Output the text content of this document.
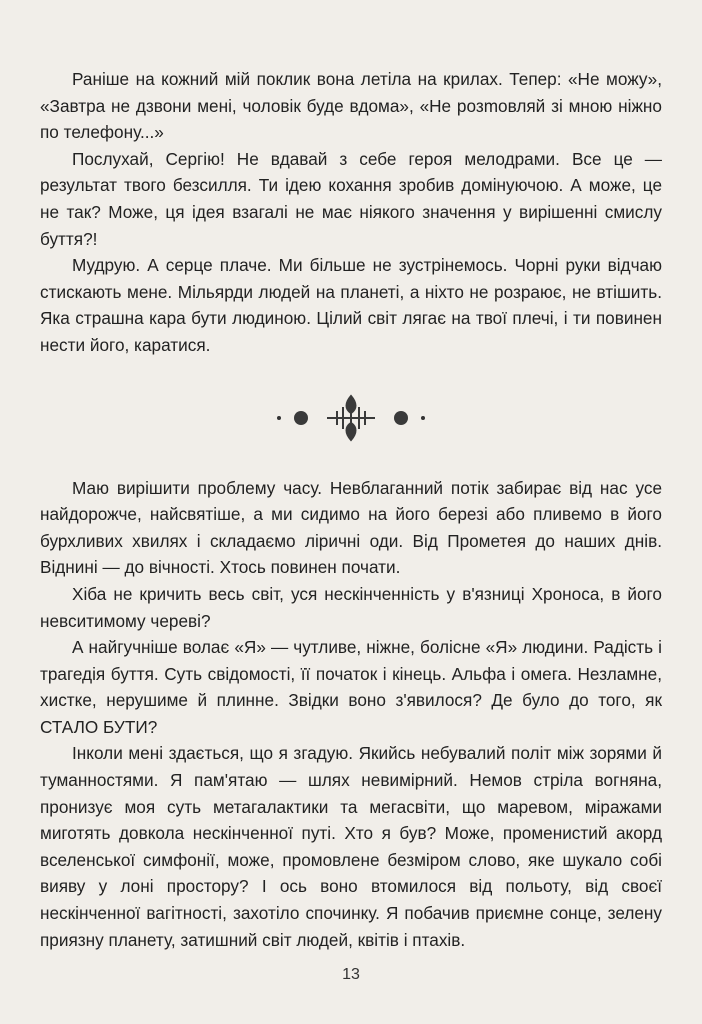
Раніше на кожний мій поклик вона летіла на крилах. Тепер: «Не можу», «Завтра не дзвони мені, чоловік буде вдома», «Не розmовляй зі мною ніжно по телефону...»

Послухай, Сергію! Не вдавай з себе героя мелодрами. Все це — результат твого безсилля. Ти ідею кохання зробив домінуючою. А може, це не так? Може, ця ідея взагалі не має ніякого значення у вирішенні смислу буття?!

Мудрую. А серце плаче. Ми більше не зустрінемось. Чорні руки відчаю стискають мене. Мільярди людей на планеті, а ніхто не розраює, не втішить. Яка страшна кара бути людиною. Цілий світ лягає на твої плечі, і ти повинен нести його, каратися.

Маю вирішити проблему часу. Невблаганний потік забирає від нас усе найдорожче, найсвятіше, а ми сидимо на його березі або пливемо в його бурхливих хвилях і складаємо ліричні оди. Від Прометея до наших днів. Віднині — до вічності. Хтось повинен почати.

Хіба не кричить весь світ, уся нескінченність у в'язниці Хроноса, в його невситимому череві?

А найгучніше волає «Я» — чутливе, ніжне, болісне «Я» людини. Радість і трагедія буття. Суть свідомості, її початок і кінець. Альфа і омега. Незламне, хистке, нерушиме й плинне. Звідки воно з'явилося? Де було до того, як СТАЛО БУТИ?

Інколи мені здається, що я згадую. Якийсь небувалий політ між зорями й туманностями. Я пам'ятаю — шлях невимірний. Немов стріла вогняна, пронизує моя суть метагалактики та мегасвіти, що маревом, міражами миготять довкола нескінченної путі. Хто я був? Може, променистий акорд вселенської симфонії, може, промовлене безміром слово, яке шукало собі вияву у лоні простору? І ось воно втомилося від польоту, від своєї нескінченної вагітності, захотіло спочинку. Я побачив приємне сонце, зелену приязну планету, затишний світ людей, квітів і птахів.

13
